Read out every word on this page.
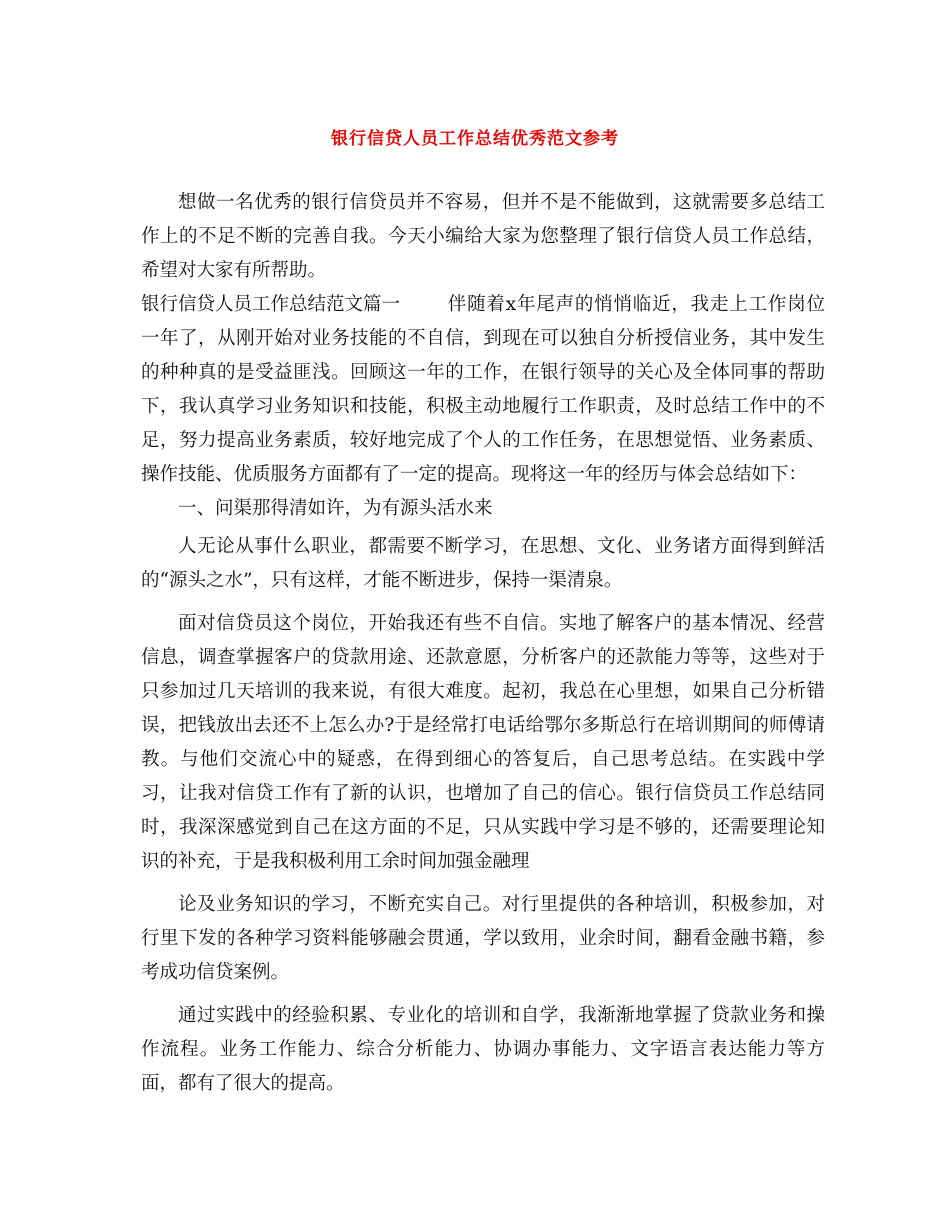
银行信贷人员工作总结优秀范文参考

想做一名优秀的银行信贷员并不容易，但并不是不能做到，这就需要多总结工作上的不足不断的完善自我。今天小编给大家为您整理了银行信贷人员工作总结，希望对大家有所帮助。

银行信贷人员工作总结范文篇一	伴随着x年尾声的悄悄临近，我走上工作岗位一年了，从刚开始对业务技能的不自信，到现在可以独自分析授信业务，其中发生的种种真的是受益匪浅。回顾这一年的工作，在银行领导的关心及全体同事的帮助下，我认真学习业务知识和技能，积极主动地履行工作职责，及时总结工作中的不足，努力提高业务素质，较好地完成了个人的工作任务，在思想觉悟、业务素质、操作技能、优质服务方面都有了一定的提高。现将这一年的经历与体会总结如下：

一、问渠那得清如许，为有源头活水来

人无论从事什么职业，都需要不断学习，在思想、文化、业务诸方面得到鲜活的“源头之水”，只有这样，才能不断进步，保持一渠清泉。

面对信贷员这个岗位，开始我还有些不自信。实地了解客户的基本情况、经营信息，调查掌握客户的贷款用途、还款意愿，分析客户的还款能力等等，这些对于只参加过几天培训的我来说，有很大难度。起初，我总在心里想，如果自己分析错误，把钱放出去还不上怎么办?于是经常打电话给鄂尔多斯总行在培训期间的师傅请教。与他们交流心中的疑惑，在得到细心的答复后，自己思考总结。在实践中学习，让我对信贷工作有了新的认识，也增加了自己的信心。银行信贷员工作总结同时，我深深感觉到自己在这方面的不足，只从实践中学习是不够的，还需要理论知识的补充，于是我积极利用工余时间加强金融理

论及业务知识的学习，不断充实自己。对行里提供的各种培训，积极参加，对行里下发的各种学习资料能够融会贯通，学以致用，业余时间，翻看金融书籍，参考成功信贷案例。

通过实践中的经验积累、专业化的培训和自学，我渐渐地掌握了贷款业务和操作流程。业务工作能力、综合分析能力、协调办事能力、文字语言表达能力等方面，都有了很大的提高。
